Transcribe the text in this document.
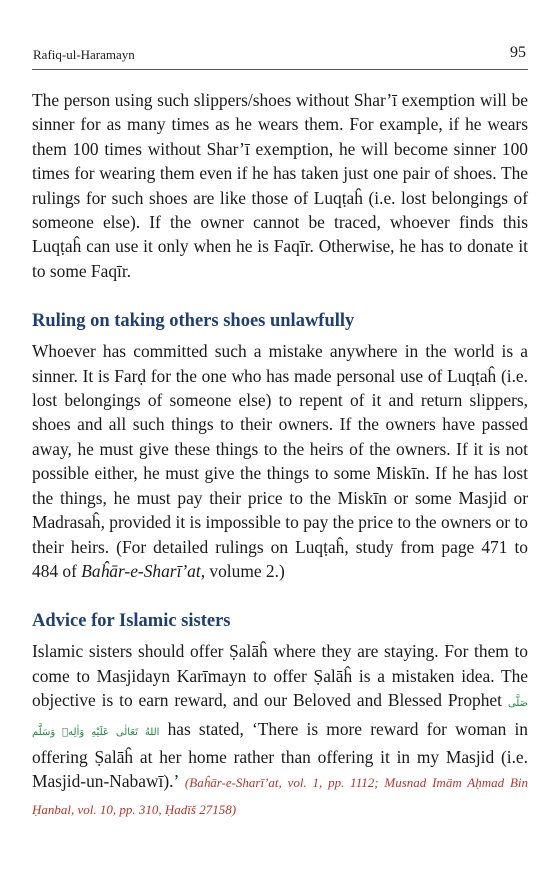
Rafiq-ul-Haramayn	95

The person using such slippers/shoes without Shar’ī exemption will be sinner for as many times as he wears them. For example, if he wears them 100 times without Shar’ī exemption, he will become sinner 100 times for wearing them even if he has taken just one pair of shoes. The rulings for such shoes are like those of Luqṭaĥ (i.e. lost belongings of someone else). If the owner cannot be traced, whoever finds this Luqṭaĥ can use it only when he is Faqīr. Otherwise, he has to donate it to some Faqīr.

Ruling on taking others shoes unlawfully

Whoever has committed such a mistake anywhere in the world is a sinner. It is Farḍ for the one who has made personal use of Luqṭaĥ (i.e. lost belongings of someone else) to repent of it and return slippers, shoes and all such things to their owners. If the owners have passed away, he must give these things to the heirs of the owners. If it is not possible either, he must give the things to some Miskīn. If he has lost the things, he must pay their price to the Miskīn or some Masjid or Madrasaĥ, provided it is impossible to pay the price to the owners or to their heirs. (For detailed rulings on Luqṭaĥ, study from page 471 to 484 of Baĥār-e-Sharī’at, volume 2.)

Advice for Islamic sisters

Islamic sisters should offer Ṣalāĥ where they are staying. For them to come to Masjidayn Karīmayn to offer Ṣalāĥ is a mistaken idea. The objective is to earn reward, and our Beloved and Blessed Prophet صَلَّى اللهُ تَعَالٰى عَلَيْهِ وَاٰلِهٖ وَسَلَّم has stated, ‘There is more reward for woman in offering Ṣalāĥ at her home rather than offering it in my Masjid (i.e. Masjid-un-Nabawī).’ (Baĥār-e-Sharī’at, vol. 1, pp. 1112; Musnad Imām Aḥmad Bin Ḥanbal, vol. 10, pp. 310, Ḥadīš 27158)
